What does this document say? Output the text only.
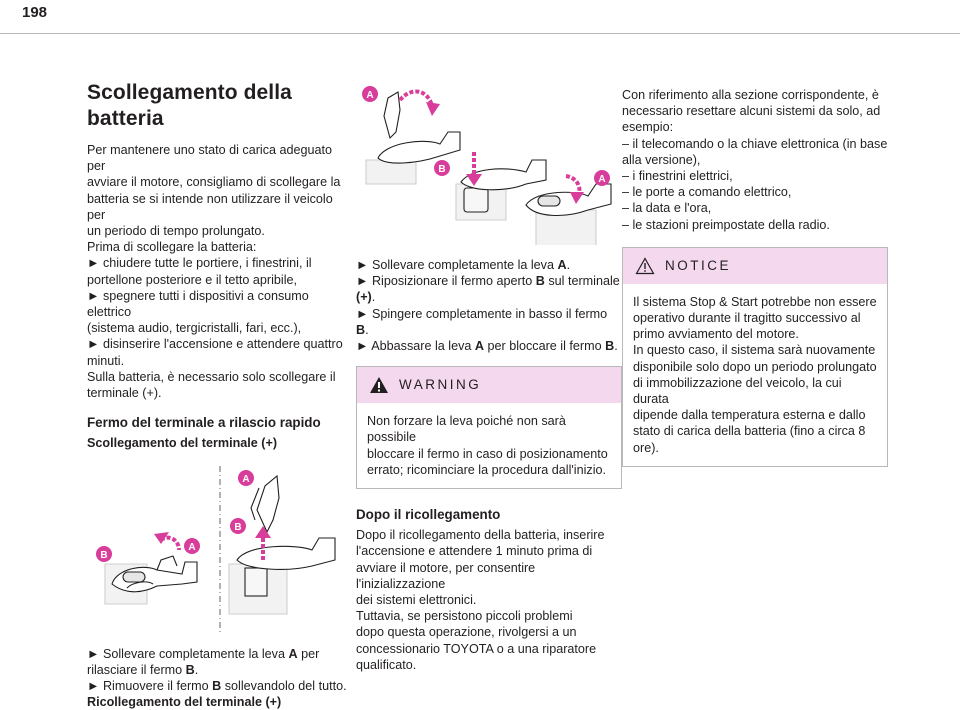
198
Scollegamento della batteria
Per mantenere uno stato di carica adeguato per
avviare il motore, consigliamo di scollegare la
batteria se si intende non utilizzare il veicolo per
un periodo di tempo prolungato.
Prima di scollegare la batteria:
► chiudere tutte le portiere, i finestrini, il
portellone posteriore e il tetto apribile,
► spegnere tutti i dispositivi a consumo elettrico
(sistema audio, tergicristalli, fari, ecc.),
► disinserire l'accensione e attendere quattro
minuti.
Sulla batteria, è necessario solo scollegare il
terminale (+).
Fermo del terminale a rilascio rapido
Scollegamento del terminale (+)
A
B
B
A

► Sollevare completamente la leva A per
rilasciare il fermo B.
► Rimuovere il fermo B sollevandolo del tutto.

Ricollegamento del terminale (+)
A
B
A

► Sollevare completamente la leva A.
► Riposizionare il fermo aperto B sul terminale
(+).
► Spingere completamente in basso il fermo B.
► Abbassare la leva A per bloccare il fermo B.

WARNING
Non forzare la leva poiché non sarà possibile
bloccare il fermo in caso di posizionamento
errato; ricominciare la procedura dall'inizio.
Dopo il ricollegamento

Dopo il ricollegamento della batteria, inserire
l'accensione e attendere 1 minuto prima di
avviare il motore, per consentire l'inizializzazione
dei sistemi elettronici.
Tuttavia, se persistono piccoli problemi
dopo questa operazione, rivolgersi a un
concessionario TOYOTA o a una riparatore
qualificato.

Con riferimento alla sezione corrispondente, è
necessario resettare alcuni sistemi da solo, ad
esempio:
– il telecomando o la chiave elettronica (in base
alla versione),
– i finestrini elettrici,
– le porte a comando elettrico,
– la data e l'ora,
– le stazioni preimpostate della radio.

NOTICE
Il sistema Stop & Start potrebbe non essere
operativo durante il tragitto successivo al
primo avviamento del motore.
In questo caso, il sistema sarà nuovamente
disponibile solo dopo un periodo prolungato
di immobilizzazione del veicolo, la cui durata
dipende dalla temperatura esterna e dallo
stato di carica della batteria (fino a circa 8
ore).
